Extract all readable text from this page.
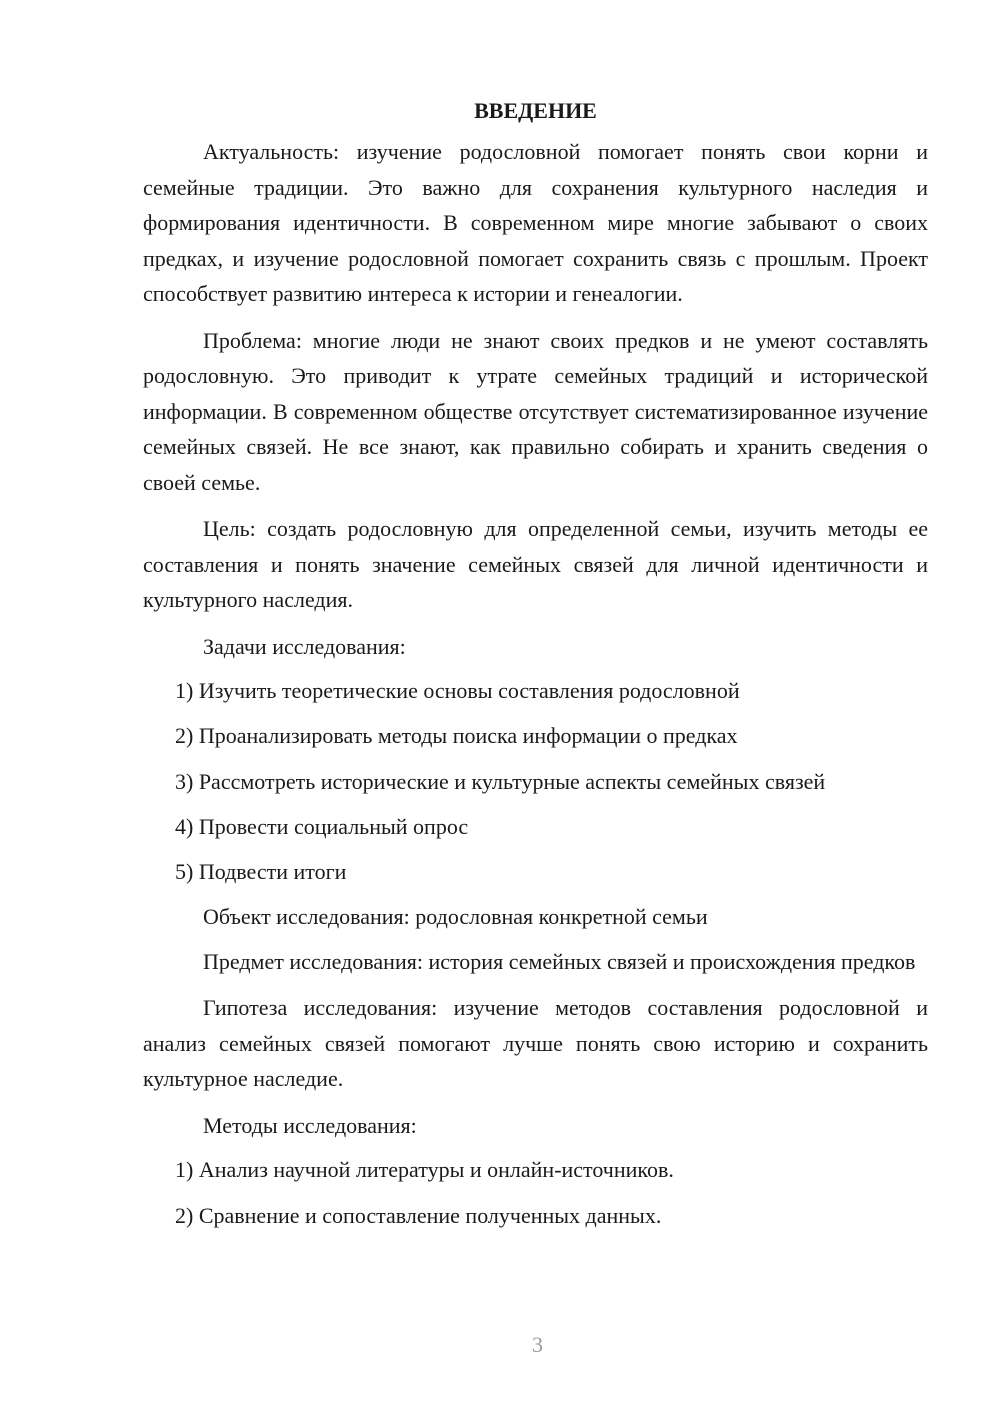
ВВЕДЕНИЕ

Актуальность: изучение родословной помогает понять свои корни и семейные традиции. Это важно для сохранения культурного наследия и формирования идентичности. В современном мире многие забывают о своих предках, и изучение родословной помогает сохранить связь с прошлым. Проект способствует развитию интереса к истории и генеалогии.

Проблема: многие люди не знают своих предков и не умеют составлять родословную. Это приводит к утрате семейных традиций и исторической информации. В современном обществе отсутствует систематизированное изучение семейных связей. Не все знают, как правильно собирать и хранить сведения о своей семье.

Цель: создать родословную для определенной семьи, изучить методы ее составления и понять значение семейных связей для личной идентичности и культурного наследия.

Задачи исследования:

1) Изучить теоретические основы составления родословной
2) Проанализировать методы поиска информации о предках
3) Рассмотреть исторические и культурные аспекты семейных связей
4) Провести социальный опрос
5) Подвести итоги

Объект исследования: родословная конкретной семьи

Предмет исследования: история семейных связей и происхождения предков

Гипотеза исследования: изучение методов составления родословной и анализ семейных связей помогают лучше понять свою историю и сохранить культурное наследие.

Методы исследования:

1) Анализ научной литературы и онлайн-источников.
2) Сравнение и сопоставление полученных данных.
3
